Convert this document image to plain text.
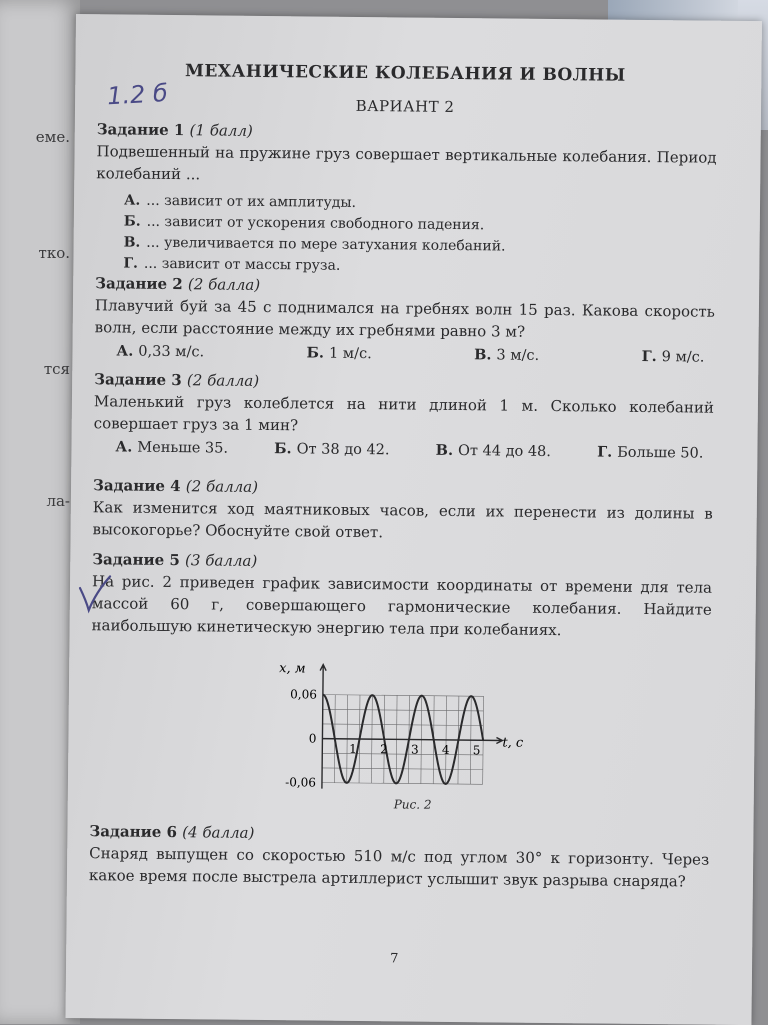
еме.
тко.
тся
ла-
1.2 б
МЕХАНИЧЕСКИЕ КОЛЕБАНИЯ И ВОЛНЫ
ВАРИАНТ 2
Задание 1 (1 балл)
Подвешенный на пружине груз совершает вертикальные колебания. Период колебаний ...
А. ... зависит от их амплитуды.
Б. ... зависит от ускорения свободного падения.
В. ... увеличивается по мере затухания колебаний.
Г. ... зависит от массы груза.
Задание 2 (2 балла)
Плавучий буй за 45 с поднимался на гребнях волн 15 раз. Какова скорость волн, если расстояние между их гребнями равно 3 м?
А. 0,33 м/с.	Б. 1 м/с.	В. 3 м/с.	Г. 9 м/с.
Задание 3 (2 балла)
Маленький груз колеблется на нити длиной 1 м. Сколько колебаний совершает груз за 1 мин?
А. Меньше 35.	Б. От 38 до 42.	В. От 44 до 48.	Г. Больше 50.
Задание 4 (2 балла)
Как изменится ход маятниковых часов, если их перенести из долины в высокогорье? Обоснуйте свой ответ.
Задание 5 (3 балла)
На рис. 2 приведен график зависимости координаты от времени для тела массой 60 г, совершающего гармонические колебания. Найдите наибольшую кинетическую энергию тела при колебаниях.
t, с
x, м
1 2 3 4 5
0,06
0
-0,06
Рис. 2
Задание 6 (4 балла)
Снаряд выпущен со скоростью 510 м/с под углом 30° к горизонту. Через какое время после выстрела артиллерист услышит звук разрыва снаряда?
7
